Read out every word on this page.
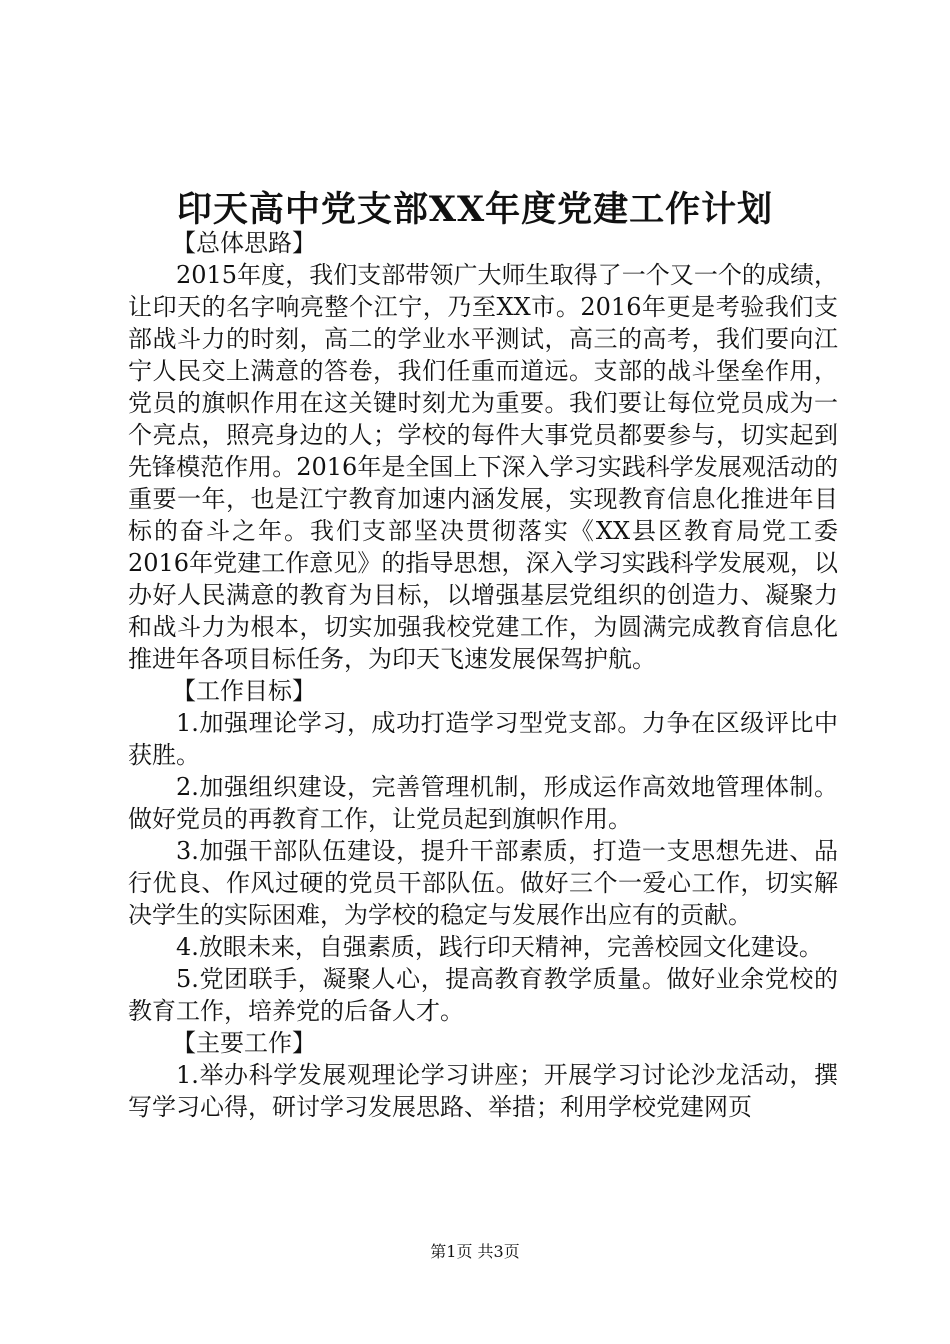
印天高中党支部XX年度党建工作计划

【总体思路】

2015年度，我们支部带领广大师生取得了一个又一个的成绩，让印天的名字响亮整个江宁，乃至XX市。2016年更是考验我们支部战斗力的时刻，高二的学业水平测试，高三的高考，我们要向江宁人民交上满意的答卷，我们任重而道远。支部的战斗堡垒作用，党员的旗帜作用在这关键时刻尤为重要。我们要让每位党员成为一个亮点，照亮身边的人；学校的每件大事党员都要参与，切实起到先锋模范作用。2016年是全国上下深入学习实践科学发展观活动的重要一年，也是江宁教育加速内涵发展，实现教育信息化推进年目标的奋斗之年。我们支部坚决贯彻落实《XX县区教育局党工委2016年党建工作意见》的指导思想，深入学习实践科学发展观，以办好人民满意的教育为目标，以增强基层党组织的创造力、凝聚力和战斗力为根本，切实加强我校党建工作，为圆满完成教育信息化推进年各项目标任务，为印天飞速发展保驾护航。

【工作目标】

1.加强理论学习，成功打造学习型党支部。力争在区级评比中获胜。

2.加强组织建设，完善管理机制，形成运作高效地管理体制。做好党员的再教育工作，让党员起到旗帜作用。

3.加强干部队伍建设，提升干部素质，打造一支思想先进、品行优良、作风过硬的党员干部队伍。做好三个一爱心工作，切实解决学生的实际困难，为学校的稳定与发展作出应有的贡献。

4.放眼未来，自强素质，践行印天精神，完善校园文化建设。

5.党团联手，凝聚人心，提高教育教学质量。做好业余党校的教育工作，培养党的后备人才。

【主要工作】

1.举办科学发展观理论学习讲座；开展学习讨论沙龙活动，撰写学习心得，研讨学习发展思路、举措；利用学校党建网页

第1页 共3页
